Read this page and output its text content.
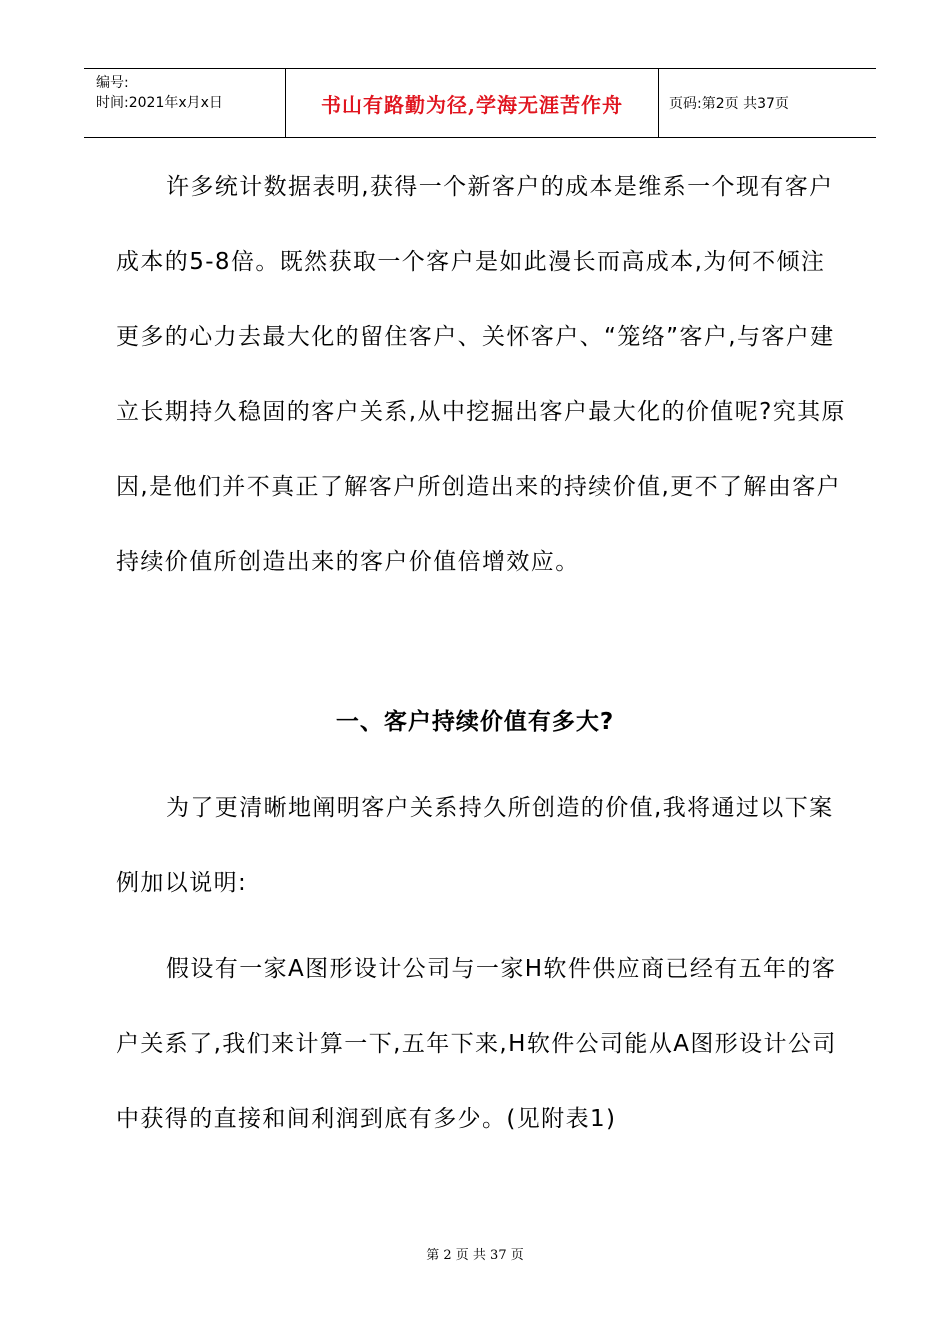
编号:
时间:2021年x月x日	书山有路勤为径,学海无涯苦作舟	页码:第2页 共37页

许多统计数据表明,获得一个新客户的成本是维系一个现有客户成本的5-8倍。既然获取一个客户是如此漫长而高成本,为何不倾注更多的心力去最大化的留住客户、关怀客户、“笼络”客户,与客户建立长期持久稳固的客户关系,从中挖掘出客户最大化的价值呢?究其原因,是他们并不真正了解客户所创造出来的持续价值,更不了解由客户持续价值所创造出来的客户价值倍增效应。

一、客户持续价值有多大?

为了更清晰地阐明客户关系持久所创造的价值,我将通过以下案例加以说明:

假设有一家A图形设计公司与一家H软件供应商已经有五年的客户关系了,我们来计算一下,五年下来,H软件公司能从A图形设计公司中获得的直接和间利润到底有多少。(见附表1)

第 2 页 共 37 页
